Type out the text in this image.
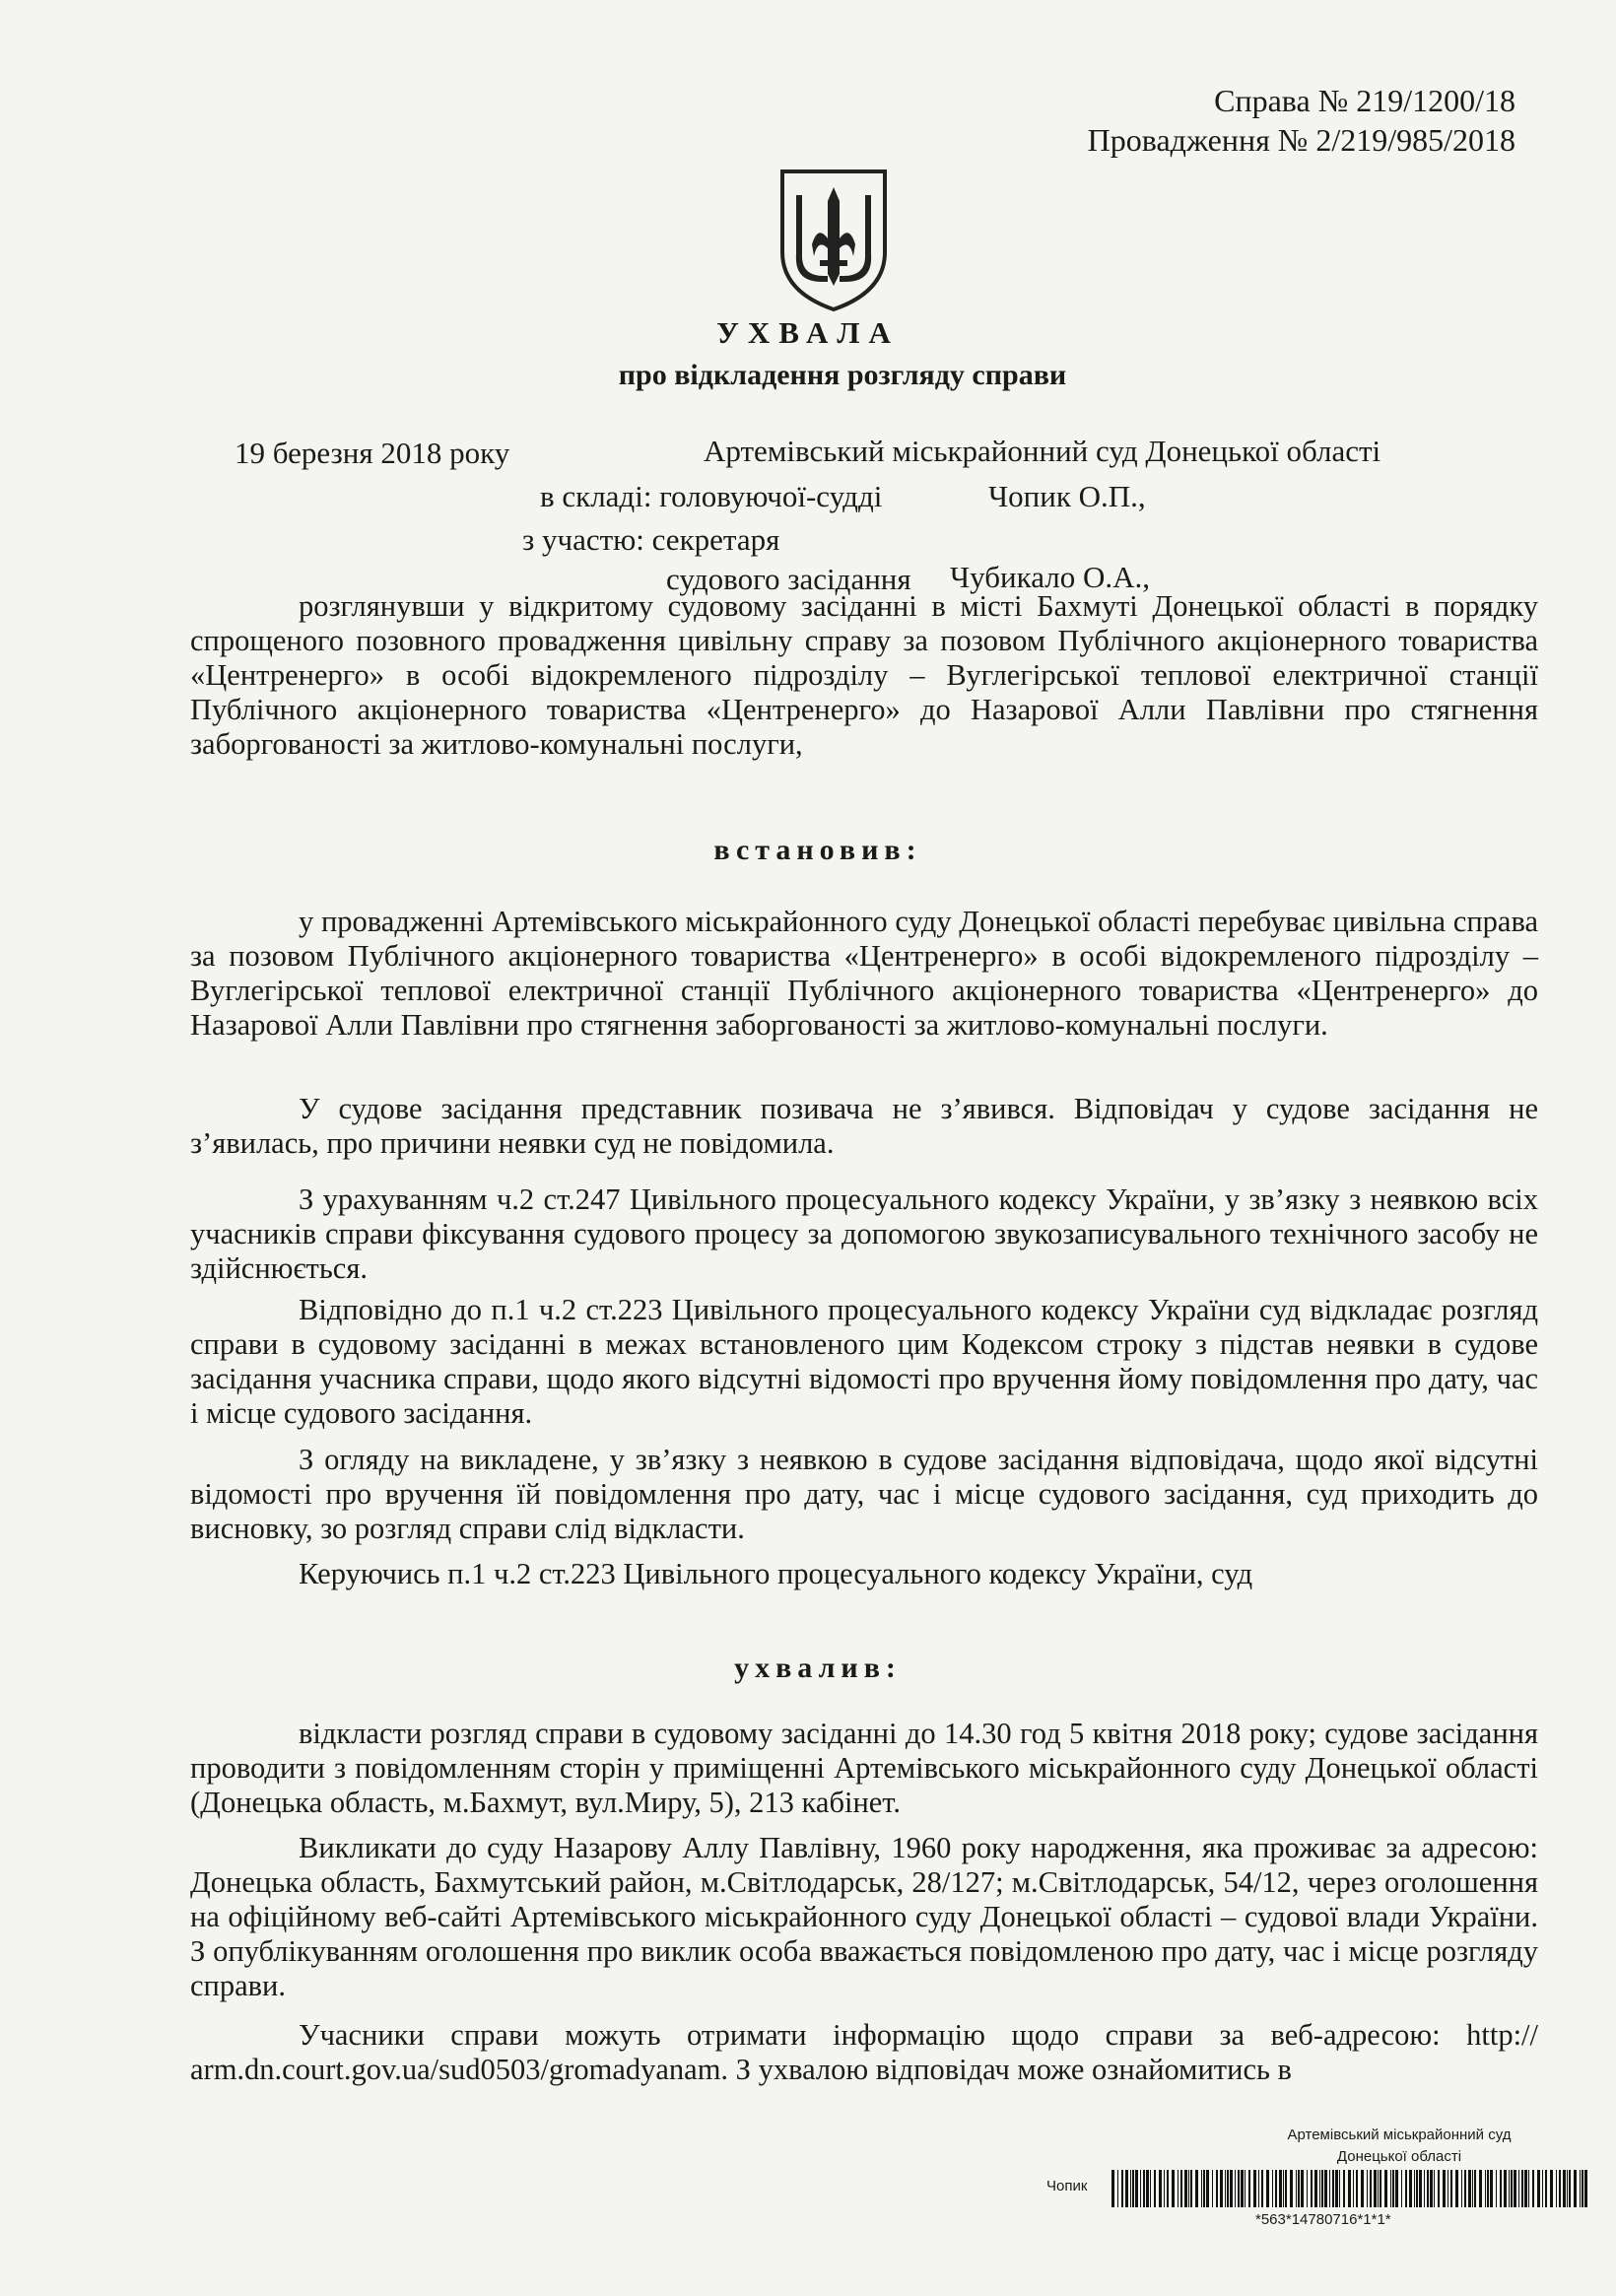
Справа № 219/1200/18
Провадження № 2/219/985/2018
УХВАЛА
про відкладення розгляду справи
19 березня 2018 року	Артемівський міськрайонний суд Донецької області
в складі: головуючої-судді	Чопик О.П.,
з участю: секретаря
судового засідання Чубикало О.А.,
розглянувши у відкритому судовому засіданні в місті Бахмуті Донецької області в порядку спрощеного позовного провадження цивільну справу за позовом Публічного акціонерного товариства «Центренерго» в особі відокремленого підрозділу – Вуглегірської теплової електричної станції Публічного акціонерного товариства «Центренерго» до Назарової Алли Павлівни про стягнення заборгованості за житлово-комунальні послуги,
встановив:
у провадженні Артемівського міськрайонного суду Донецької області перебуває цивільна справа за позовом Публічного акціонерного товариства «Центренерго» в особі відокремленого підрозділу – Вуглегірської теплової електричної станції Публічного акціонерного товариства «Центренерго» до Назарової Алли Павлівни про стягнення заборгованості за житлово-комунальні послуги.
У судове засідання представник позивача не з’явився. Відповідач у судове засідання не з’явилась, про причини неявки суд не повідомила.
З урахуванням ч.2 ст.247 Цивільного процесуального кодексу України, у зв’язку з неявкою всіх учасників справи фіксування судового процесу за допомогою звукозаписувального технічного засобу не здійснюється.
Відповідно до п.1 ч.2 ст.223 Цивільного процесуального кодексу України суд відкладає розгляд справи в судовому засіданні в межах встановленого цим Кодексом строку з підстав неявки в судове засідання учасника справи, щодо якого відсутні відомості про вручення йому повідомлення про дату, час і місце судового засідання.
З огляду на викладене, у зв’язку з неявкою в судове засідання відповідача, щодо якої відсутні відомості про вручення їй повідомлення про дату, час і місце судового засідання, суд приходить до висновку, зо розгляд справи слід відкласти.
Керуючись п.1 ч.2 ст.223 Цивільного процесуального кодексу України, суд
ухвалив:
відкласти розгляд справи в судовому засіданні до 14.30 год 5 квітня 2018 року; судове засідання проводити з повідомленням сторін у приміщенні Артемівського міськрайонного суду Донецької області (Донецька область, м.Бахмут, вул.Миру, 5), 213 кабінет.
Викликати до суду Назарову Аллу Павлівну, 1960 року народження, яка проживає за адресою: Донецька область, Бахмутський район, м.Світлодарськ, 28/127; м.Світлодарськ, 54/12, через оголошення на офіційному веб-сайті Артемівського міськрайонного суду Донецької області – судової влади України. З опублікуванням оголошення про виклик особа вважається повідомленою про дату, час і місце розгляду справи.
Учасники справи можуть отримати інформацію щодо справи за веб-адресою: http:// arm.dn.court.gov.ua/sud0503/gromadyanam. З ухвалою відповідач може ознайомитись в
Артемівський міськрайонний суд
Донецької області
Чопик
*563*14780716*1*1*
